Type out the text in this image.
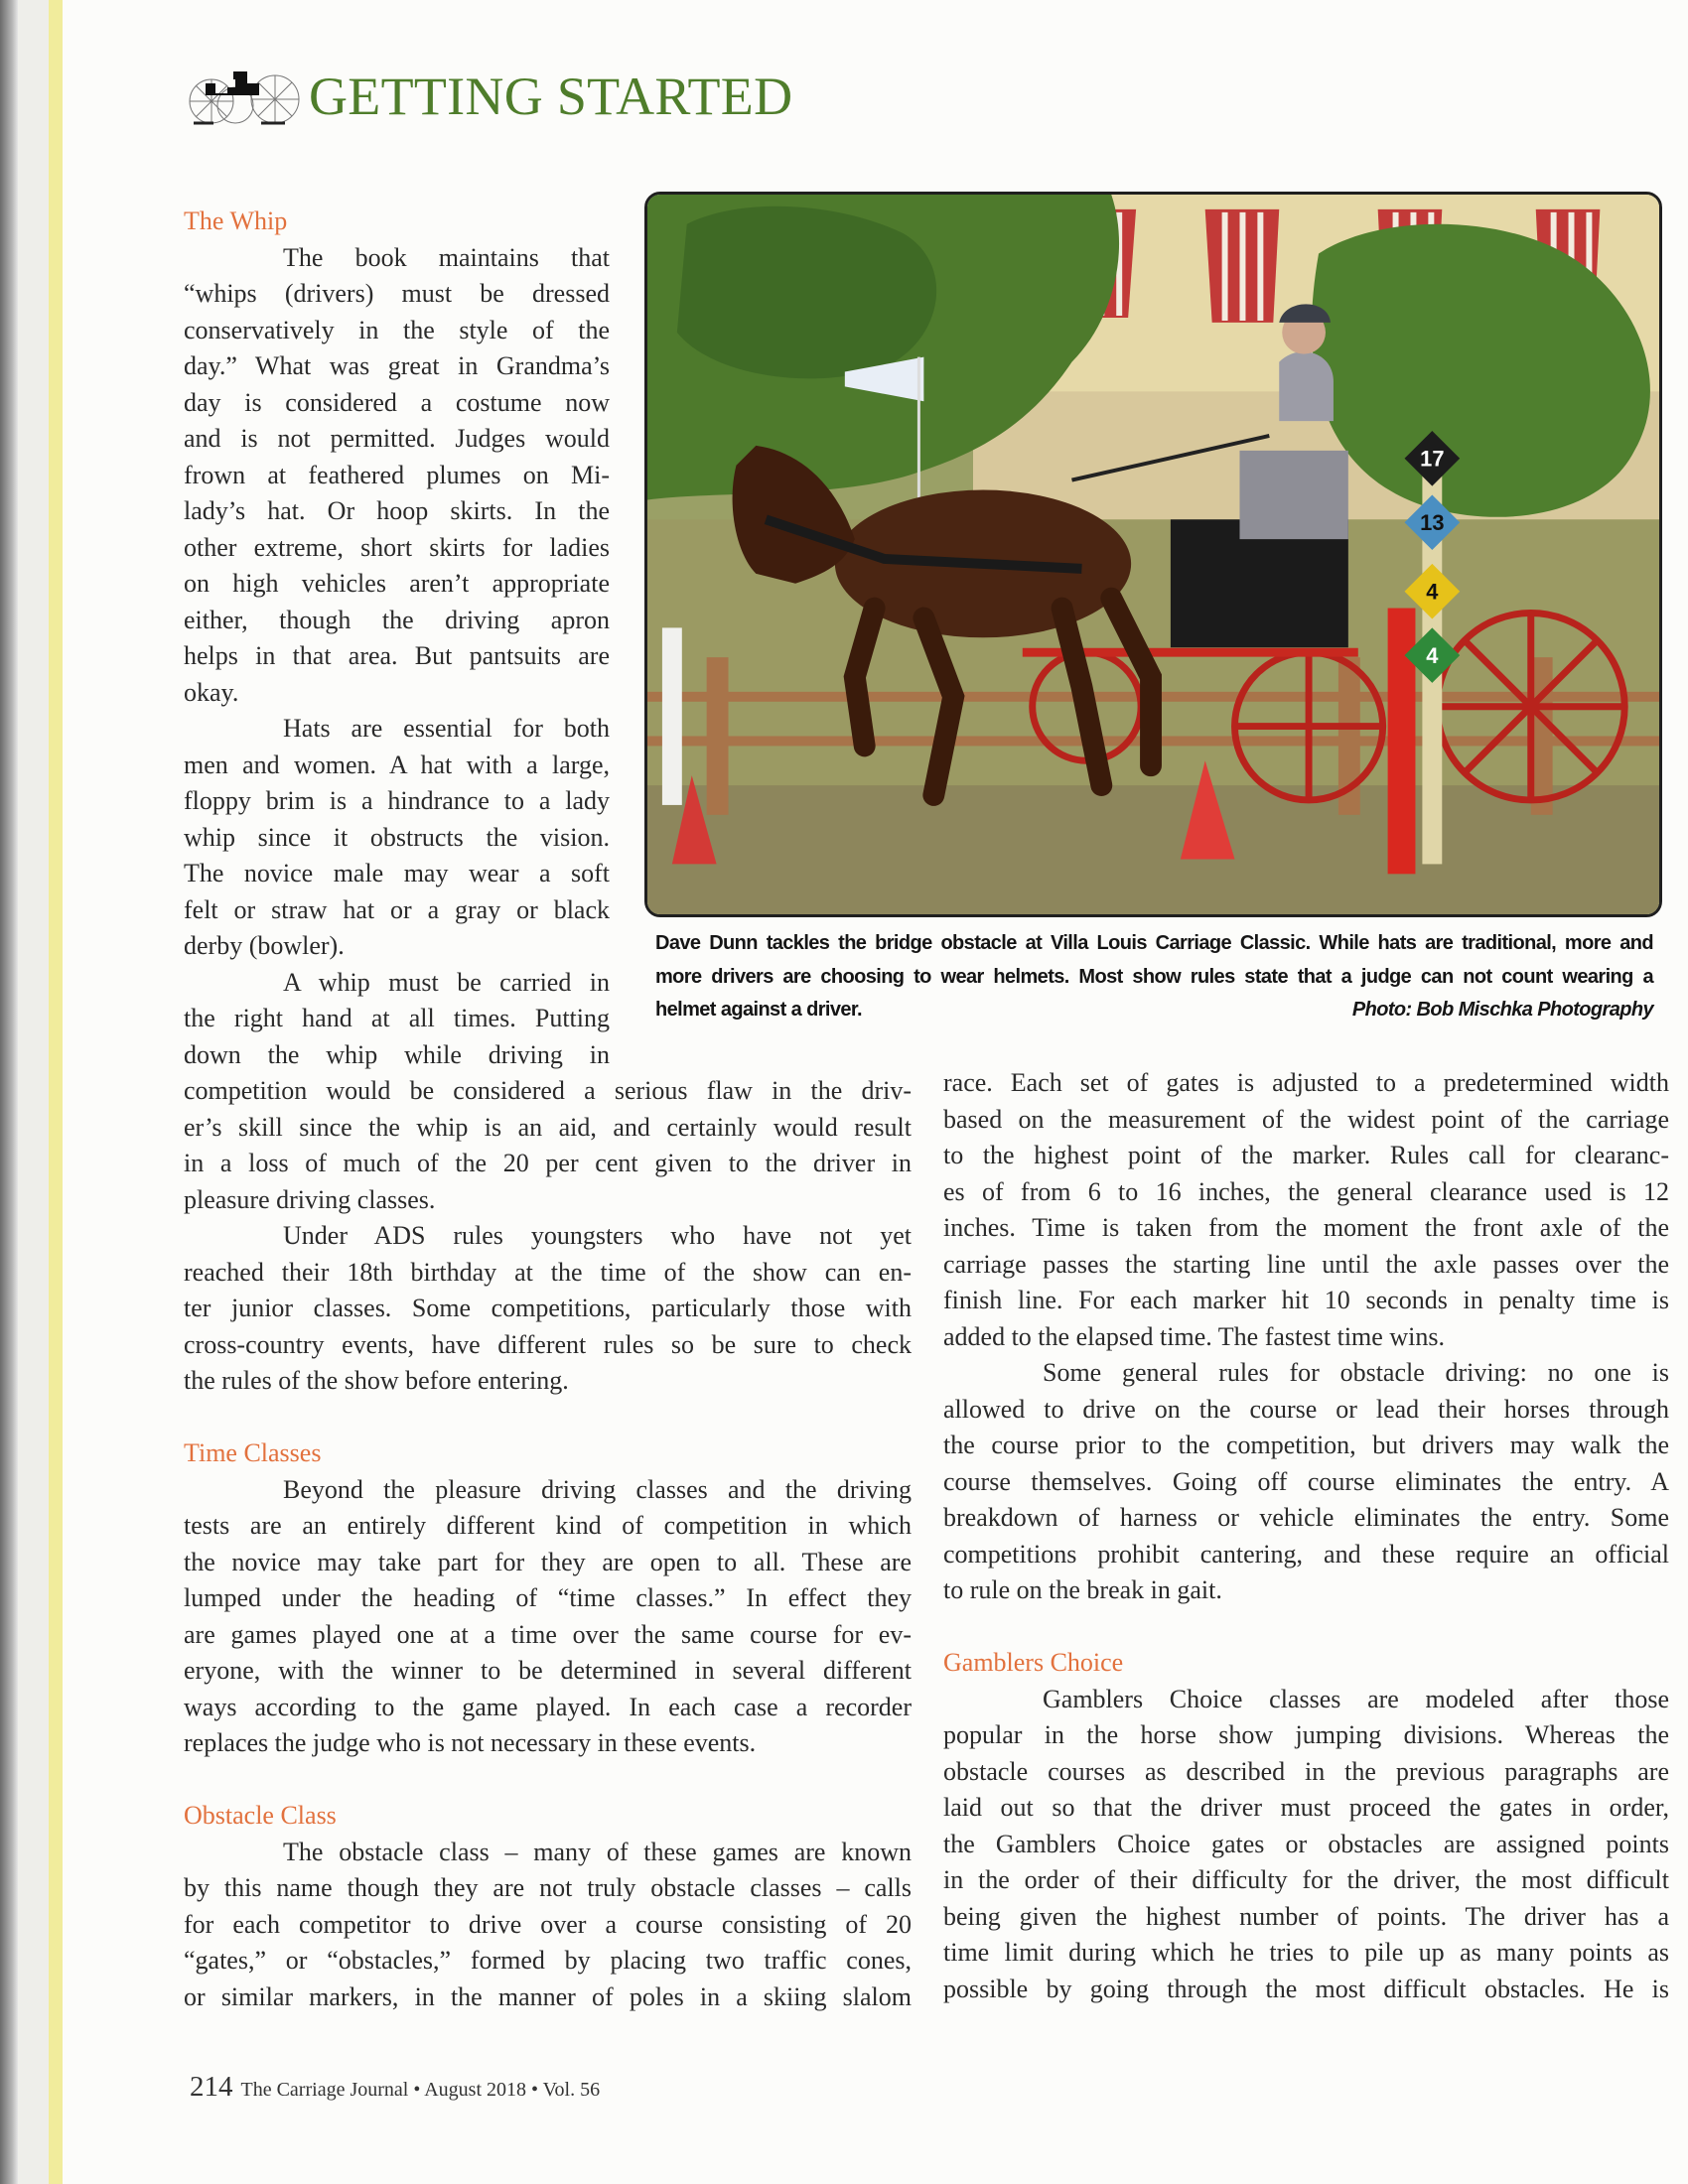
GETTING STARTED
17
13
4
4
Dave Dunn tackles the bridge obstacle at Villa Louis Carriage Classic. While hats are traditional, more and
more drivers are choosing to wear helmets. Most show rules state that a judge can not count wearing a
helmet against a driver.	Photo: Bob Mischka Photography
The Whip
The book maintains that
“whips (drivers) must be dressed
conservatively in the style of the
day.” What was great in Grandma’s
day is considered a costume now
and is not permitted. Judges would
frown at feathered plumes on Mi-
lady’s hat. Or hoop skirts. In the
other extreme, short skirts for ladies
on high vehicles aren’t appropriate
either, though the driving apron
helps in that area. But pantsuits are
okay.
Hats are essential for both
men and women. A hat with a large,
floppy brim is a hindrance to a lady
whip since it obstructs the vision.
The novice male may wear a soft
felt or straw hat or a gray or black
derby (bowler).
A whip must be carried in
the right hand at all times. Putting
down the whip while driving in
competition would be considered a serious flaw in the driv-
er’s skill since the whip is an aid, and certainly would result
in a loss of much of the 20 per cent given to the driver in
pleasure driving classes.
Under ADS rules youngsters who have not yet
reached their 18th birthday at the time of the show can en-
ter junior classes. Some competitions, particularly those with
cross-country events, have different rules so be sure to check
the rules of the show before entering.
Time Classes
Beyond the pleasure driving classes and the driving
tests are an entirely different kind of competition in which
the novice may take part for they are open to all. These are
lumped under the heading of “time classes.” In effect they
are games played one at a time over the same course for ev-
eryone, with the winner to be determined in several different
ways according to the game played. In each case a recorder
replaces the judge who is not necessary in these events.
Obstacle Class
The obstacle class – many of these games are known
by this name though they are not truly obstacle classes – calls
for each competitor to drive over a course consisting of 20
“gates,” or “obstacles,” formed by placing two traffic cones,
or similar markers, in the manner of poles in a skiing slalom
race. Each set of gates is adjusted to a predetermined width
based on the measurement of the widest point of the carriage
to the highest point of the marker. Rules call for clearanc-
es of from 6 to 16 inches, the general clearance used is 12
inches. Time is taken from the moment the front axle of the
carriage passes the starting line until the axle passes over the
finish line. For each marker hit 10 seconds in penalty time is
added to the elapsed time. The fastest time wins.
Some general rules for obstacle driving: no one is
allowed to drive on the course or lead their horses through
the course prior to the competition, but drivers may walk the
course themselves. Going off course eliminates the entry. A
breakdown of harness or vehicle eliminates the entry. Some
competitions prohibit cantering, and these require an official
to rule on the break in gait.
Gamblers Choice
Gamblers Choice classes are modeled after those
popular in the horse show jumping divisions. Whereas the
obstacle courses as described in the previous paragraphs are
laid out so that the driver must proceed the gates in order,
the Gamblers Choice gates or obstacles are assigned points
in the order of their difficulty for the driver, the most difficult
being given the highest number of points. The driver has a
time limit during which he tries to pile up as many points as
possible by going through the most difficult obstacles. He is
214 The Carriage Journal • August 2018 • Vol. 56
